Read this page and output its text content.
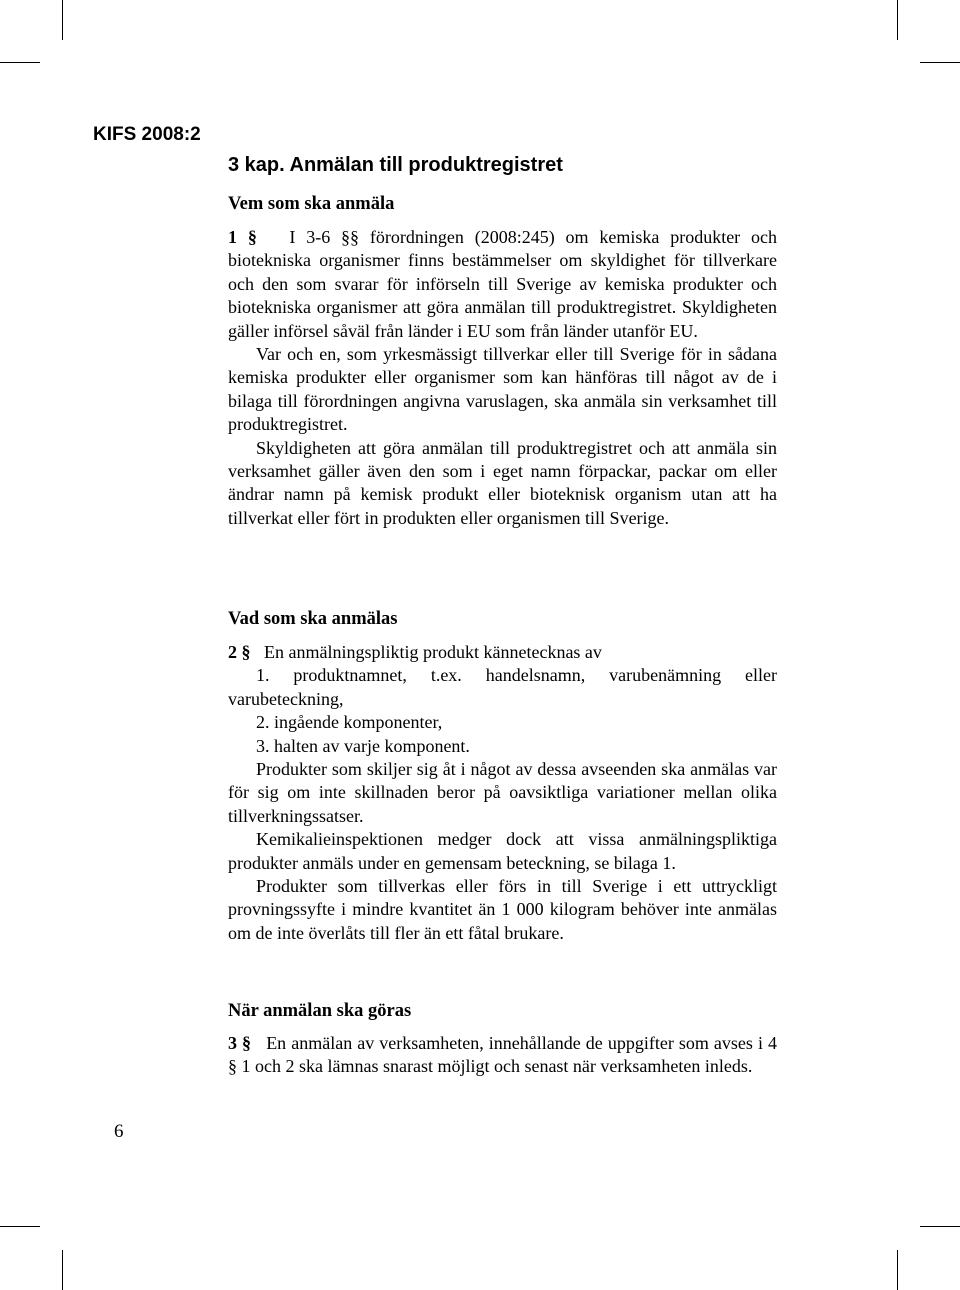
KIFS 2008:2
3 kap. Anmälan till produktregistret
Vem som ska anmäla

1 § I 3-6 §§ förordningen (2008:245) om kemiska produkter och biotekniska organismer finns bestämmelser om skyldighet för tillverkare och den som svarar för införseln till Sverige av kemiska produkter och biotekniska organismer att göra anmälan till produktregistret. Skyldigheten gäller införsel såväl från länder i EU som från länder utanför EU.

Var och en, som yrkesmässigt tillverkar eller till Sverige för in sådana kemiska produkter eller organismer som kan hänföras till något av de i bilaga till förordningen angivna varuslagen, ska anmäla sin verksamhet till produktregistret.

Skyldigheten att göra anmälan till produktregistret och att anmäla sin verksamhet gäller även den som i eget namn förpackar, packar om eller ändrar namn på kemisk produkt eller bioteknisk organism utan att ha tillverkat eller fört in produkten eller organismen till Sverige.

Vad som ska anmälas

2 § En anmälningspliktig produkt kännetecknas av

1. produktnamnet, t.ex. handelsnamn, varubenämning eller varubeteckning,

2. ingående komponenter,

3. halten av varje komponent.

Produkter som skiljer sig åt i något av dessa avseenden ska anmälas var för sig om inte skillnaden beror på oavsiktliga variationer mellan olika tillverkningssatser.

Kemikalieinspektionen medger dock att vissa anmälningspliktiga produkter anmäls under en gemensam beteckning, se bilaga 1.

Produkter som tillverkas eller förs in till Sverige i ett uttryckligt provningssyfte i mindre kvantitet än 1 000 kilogram behöver inte anmälas om de inte överlåts till fler än ett fåtal brukare.

När anmälan ska göras

3 § En anmälan av verksamheten, innehållande de uppgifter som avses i 4 § 1 och 2 ska lämnas snarast möjligt och senast när verksamheten inleds.

6
